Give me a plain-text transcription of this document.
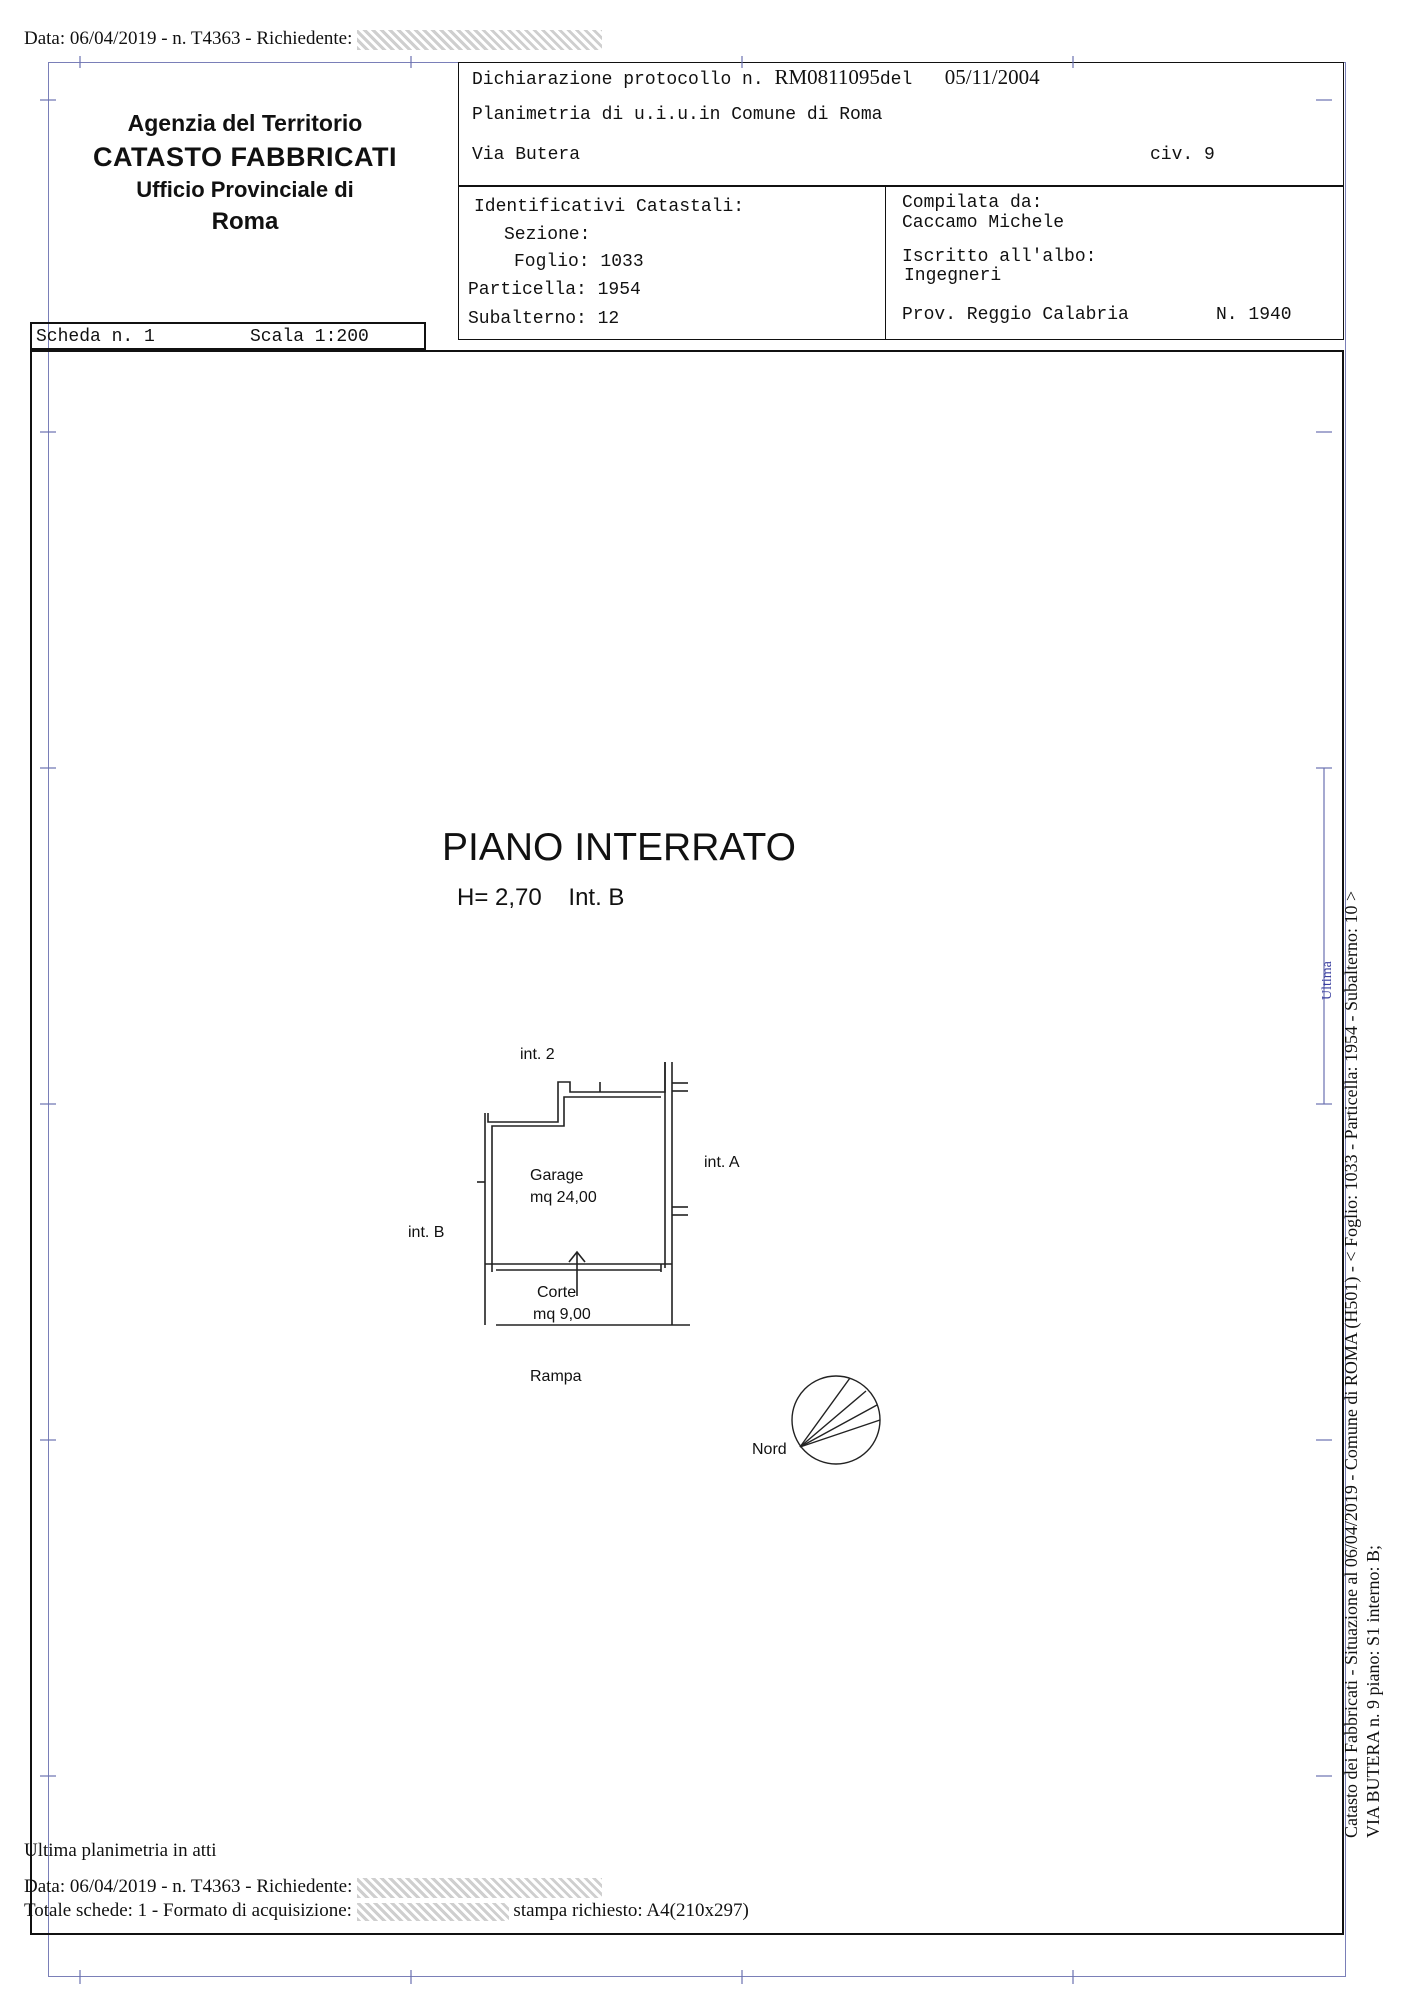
Data: 06/04/2019 - n. T4363 - Richiedente:
Agenzia del Territorio
CATASTO FABBRICATI
Ufficio Provinciale di
Roma
Dichiarazione protocollo n. RM0811095del 05/11/2004
Planimetria di u.i.u.in Comune di Roma
Via Butera	civ. 9
Identificativi Catastali:
Sezione:
Foglio: 1033
Particella: 1954
Subalterno: 12
Compilata da:
Caccamo Michele
Iscritto all'albo:
Ingegneri
Prov. Reggio Calabria	N. 1940
Scheda n. 1	Scala 1:200
PIANO INTERRATO
H= 2,70    Int. B
int. 2
int. A
int. B
Garage
mq 24,00
Corte
mq 9,00
Rampa
Nord	Catasto dei Fabbricati - Situazione al 06/04/2019 - Comune di ROMA (H501) - < Foglio: 1033 - Particella: 1954 - Subalterno: 10 > VIA BUTERA n. 9 piano: S1 interno: B;
Ultima
Ultima planimetria in atti
Data: 06/04/2019 - n. T4363 - Richiedente:
Totale schede: 1 - Formato di acquisizione:	stampa richiesto: A4(210x297)
